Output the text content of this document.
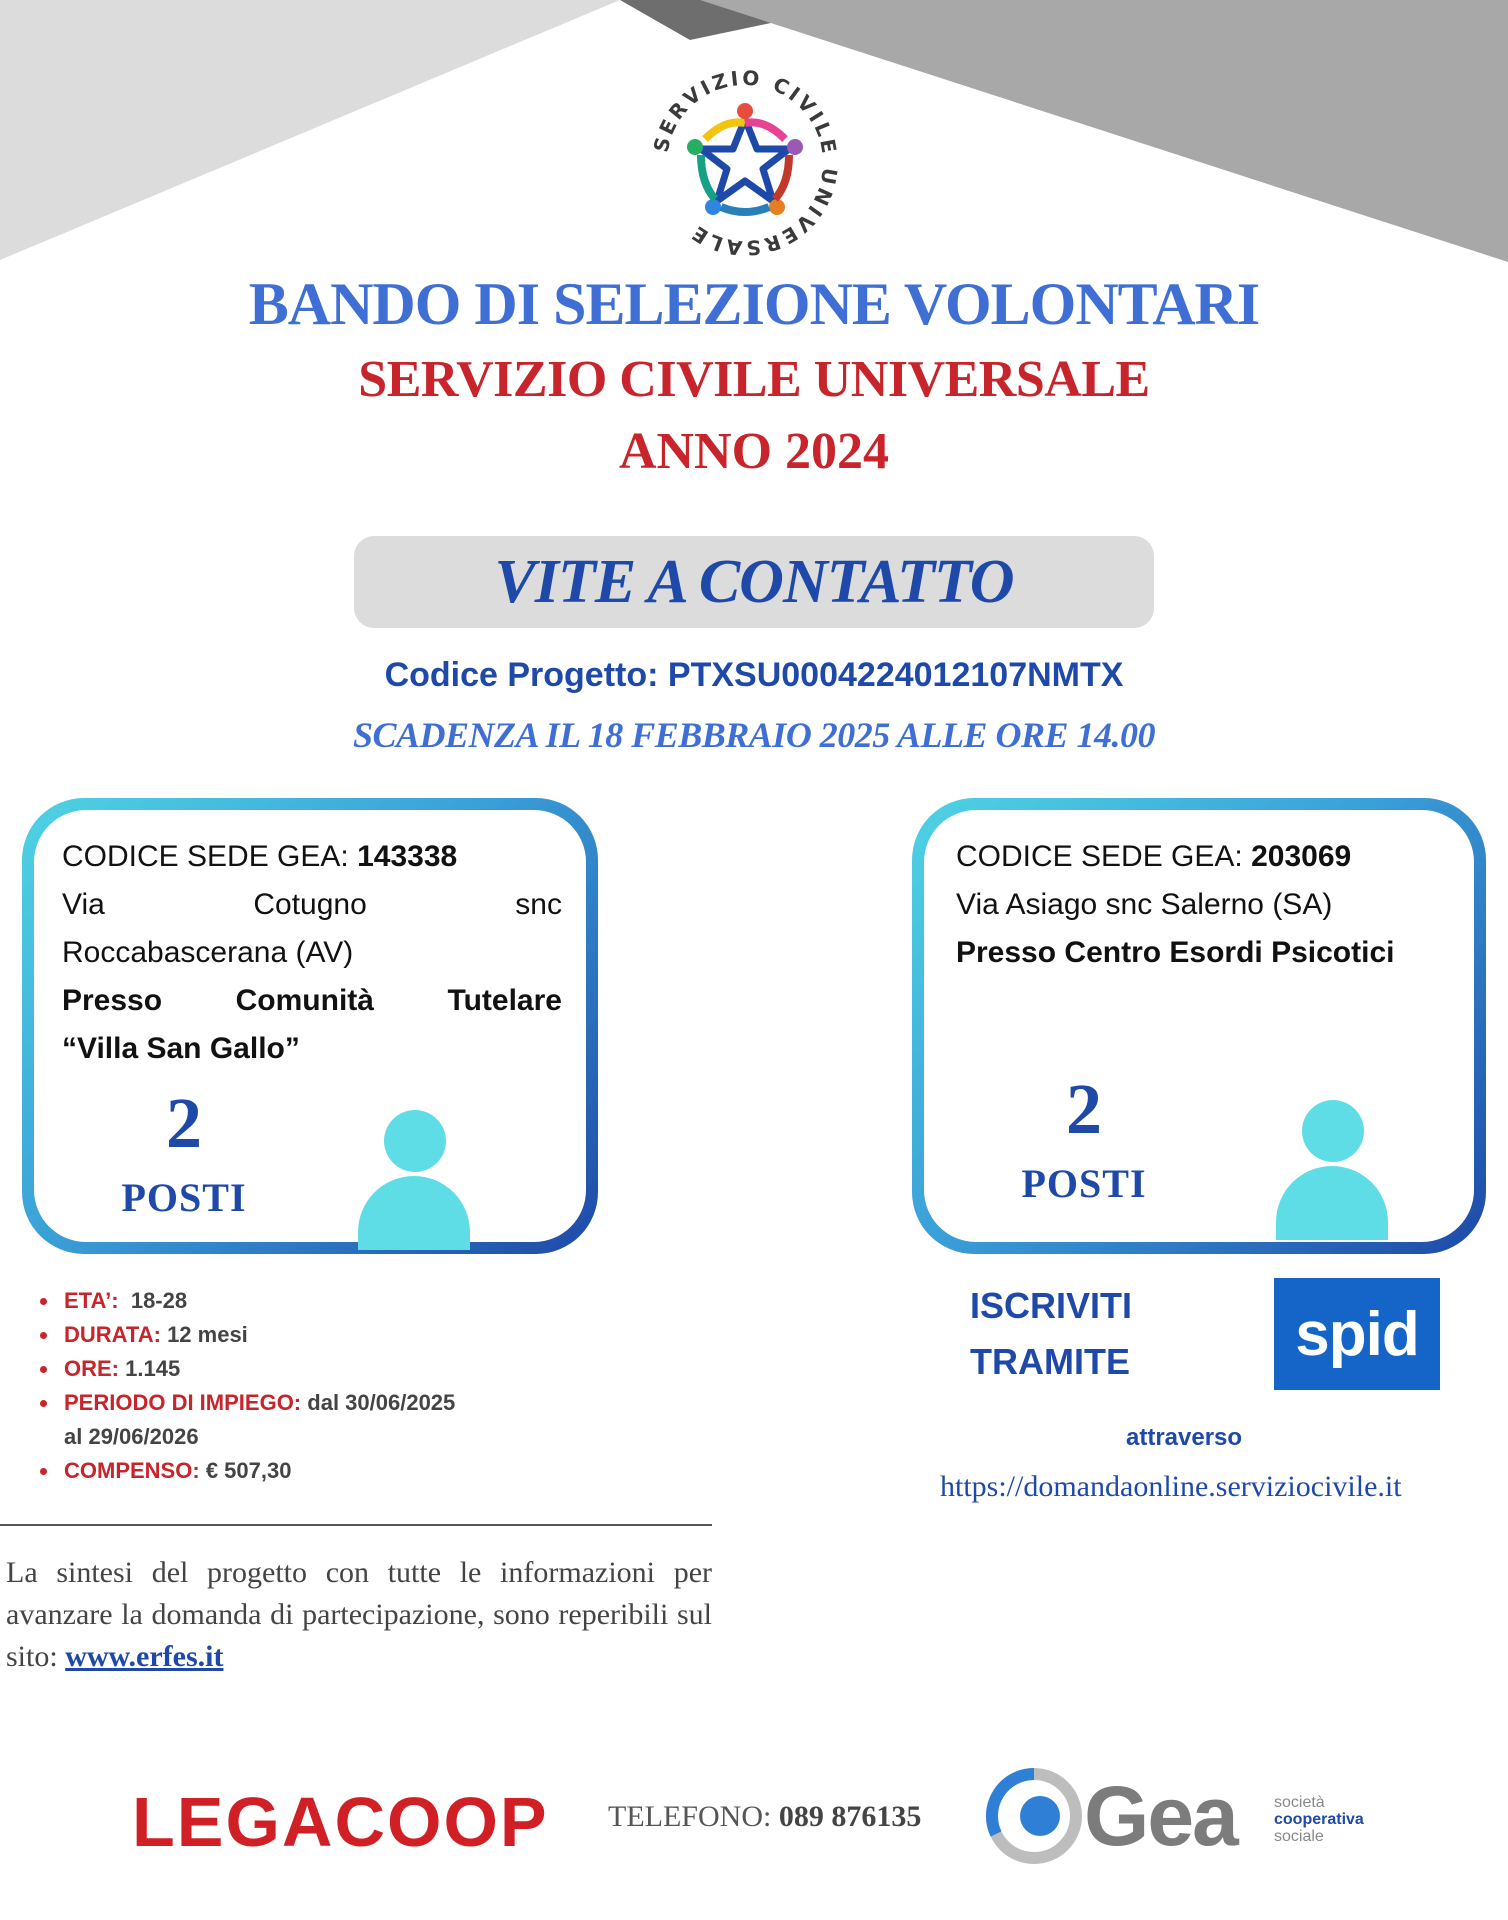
SERVIZIO CIVILE UNIVERSALE
BANDO DI SELEZIONE VOLONTARI
SERVIZIO CIVILE UNIVERSALE
ANNO 2024
VITE A CONTATTO
Codice Progetto: PTXSU0004224012107NMTX
SCADENZA IL 18 FEBBRAIO 2025 ALLE ORE 14.00
CODICE SEDE GEA: 143338
Via	Cotugno	snc
Roccabascerana (AV)
Presso Comunità Tutelare
“Villa San Gallo”
2
POSTI
CODICE SEDE GEA: 203069
Via Asiago snc Salerno (SA)
Presso Centro Esordi Psicotici
2
POSTI
ETA’: 18-28
DURATA: 12 mesi
ORE: 1.145
PERIODO DI IMPIEGO: dal 30/06/2025
al 29/06/2026
COMPENSO: € 507,30
ISCRIVITI
TRAMITE	spid
attraverso
https://domandaonline.serviziocivile.it
La sintesi del progetto con tutte le informazioni per avanzare la domanda di partecipazione, sono reperibili sul sito: www.erfes.it
LEGACOOP TELEFONO: 089 876135 Gea società
cooperativa
sociale
